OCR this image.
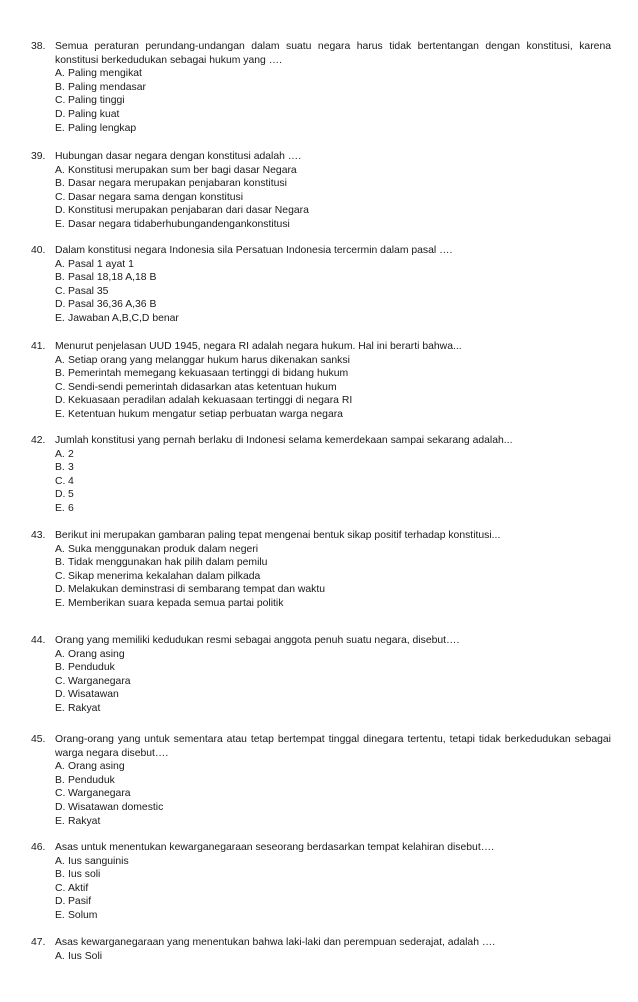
38. Semua peraturan perundang-undangan dalam suatu negara harus tidak bertentangan dengan konstitusi, karena konstitusi berkedudukan sebagai hukum yang ….
A. Paling mengikat
B. Paling mendasar
C. Paling tinggi
D. Paling kuat
E. Paling lengkap
39. Hubungan dasar negara dengan konstitusi adalah ….
A. Konstitusi merupakan sum ber bagi dasar Negara
B. Dasar negara merupakan penjabaran konstitusi
C. Dasar negara sama dengan konstitusi
D. Konstitusi merupakan penjabaran dari dasar Negara
E. Dasar negara tidaberhubungandengankonstitusi
40. Dalam konstitusi negara Indonesia sila Persatuan Indonesia tercermin dalam pasal ….
A. Pasal 1 ayat 1
B. Pasal 18,18 A,18 B
C. Pasal 35
D. Pasal 36,36 A,36 B
E. Jawaban A,B,C,D benar
41. Menurut penjelasan UUD 1945, negara RI adalah negara hukum. Hal ini berarti bahwa...
A. Setiap orang yang melanggar hukum harus dikenakan sanksi
B. Pemerintah memegang kekuasaan tertinggi di bidang hukum
C. Sendi-sendi pemerintah didasarkan atas ketentuan hukum
D. Kekuasaan peradilan adalah kekuasaan tertinggi di negara RI
E. Ketentuan hukum mengatur setiap perbuatan warga negara
42. Jumlah konstitusi yang pernah berlaku di Indonesi selama kemerdekaan sampai sekarang adalah...
A. 2
B. 3
C. 4
D. 5
E. 6
43. Berikut ini merupakan gambaran paling tepat mengenai bentuk sikap positif terhadap konstitusi...
A. Suka menggunakan produk dalam negeri
B. Tidak menggunakan hak pilih dalam pemilu
C. Sikap menerima kekalahan dalam pilkada
D. Melakukan deminstrasi di sembarang tempat dan waktu
E. Memberikan suara kepada semua partai politik
44. Orang yang memiliki kedudukan resmi sebagai anggota penuh suatu negara, disebut….
A. Orang asing
B. Penduduk
C. Warganegara
D. Wisatawan
E. Rakyat
45. Orang-orang yang untuk sementara atau tetap bertempat tinggal dinegara tertentu, tetapi tidak berkedudukan sebagai warga negara disebut….
A. Orang asing
B. Penduduk
C. Warganegara
D. Wisatawan domestic
E. Rakyat
46. Asas untuk menentukan kewarganegaraan seseorang berdasarkan tempat kelahiran disebut….
A. Ius sanguinis
B. Ius soli
C. Aktif
D. Pasif
E. Solum
47. Asas kewarganegaraan yang menentukan bahwa laki-laki dan perempuan sederajat, adalah ….
A. Ius Soli
